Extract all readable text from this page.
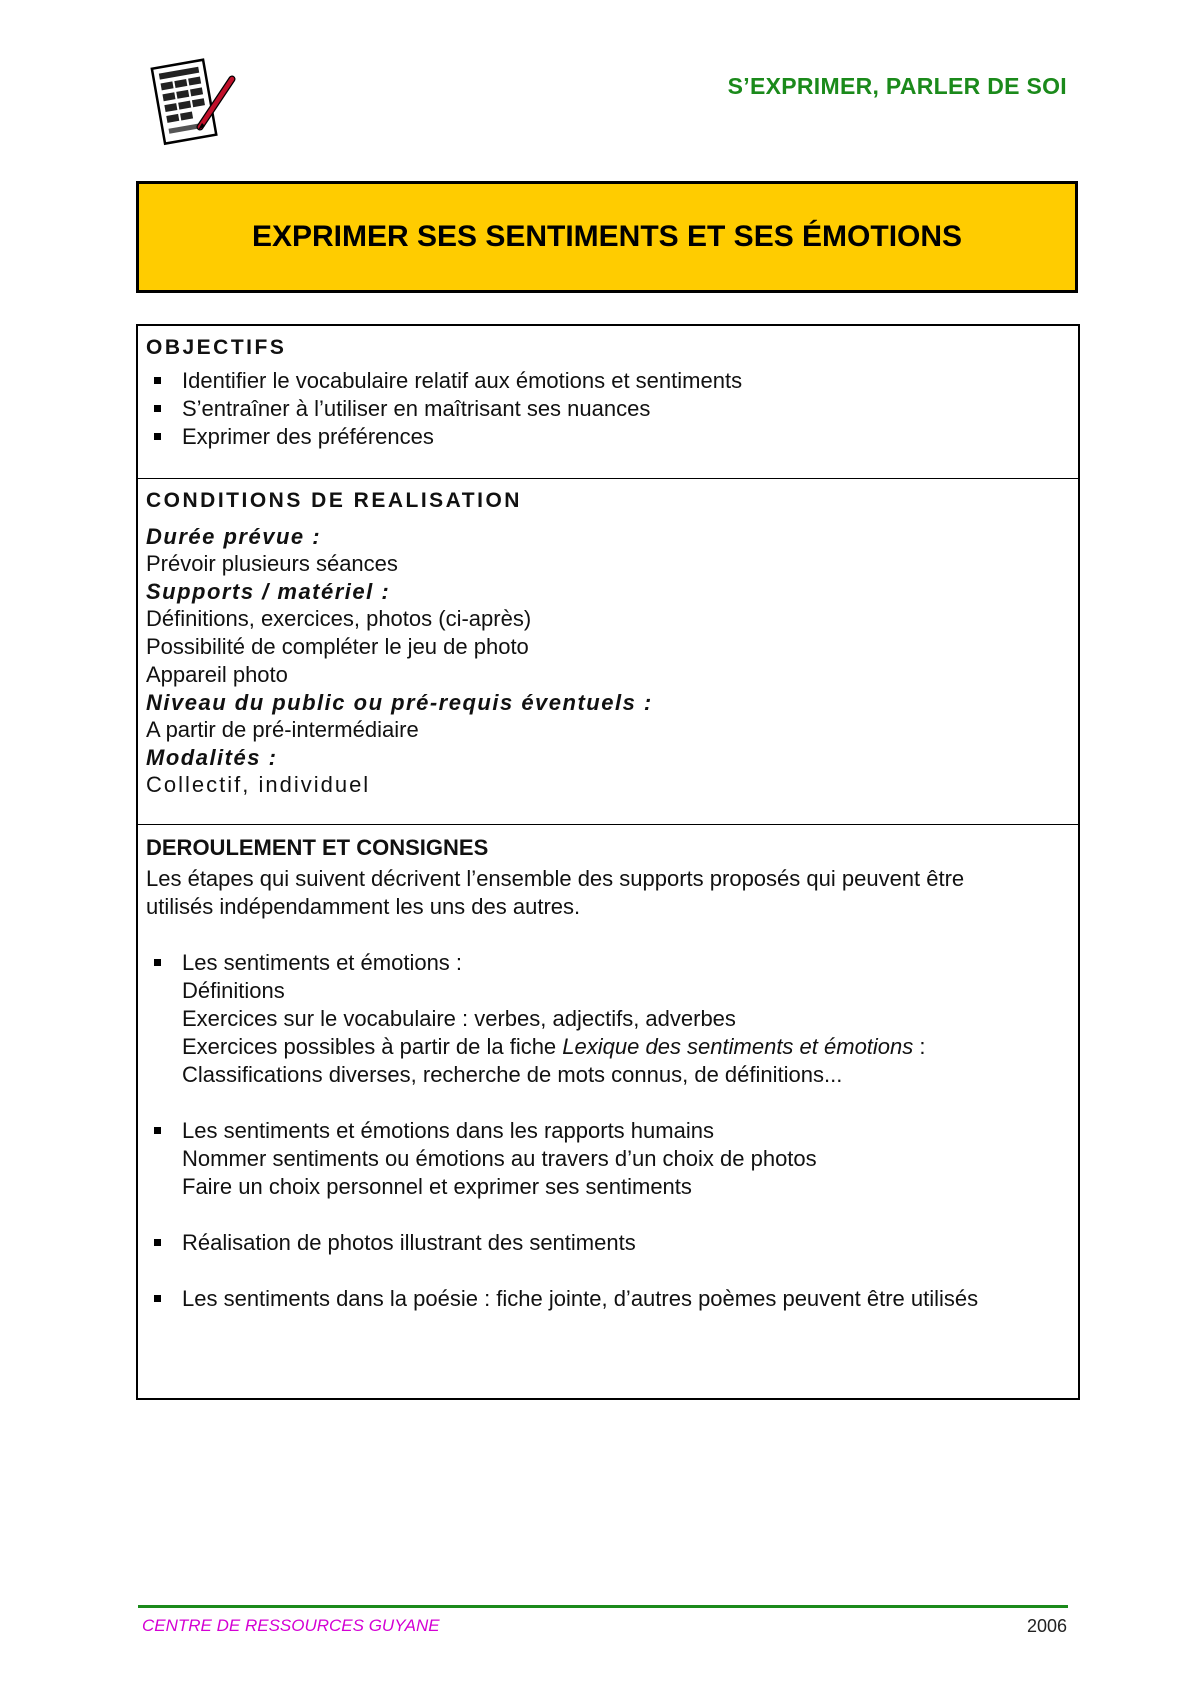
S’EXPRIMER, PARLER DE SOI
EXPRIMER SES SENTIMENTS ET SES ÉMOTIONS
OBJECTIFS
Identifier le vocabulaire relatif aux émotions et sentiments
S’entraîner à l’utiliser en maîtrisant ses nuances
Exprimer des préférences
CONDITIONS DE REALISATION
Durée prévue :
Prévoir plusieurs séances
Supports / matériel :
Définitions, exercices, photos (ci-après)
Possibilité de compléter le jeu de photo
Appareil photo
Niveau du public ou pré-requis éventuels :
A partir de pré-intermédiaire
Modalités :
Collectif, individuel
DEROULEMENT ET CONSIGNES
Les étapes qui suivent décrivent l’ensemble des supports proposés qui peuvent être
utilisés indépendamment les uns des autres.
Les sentiments et émotions :
Définitions
Exercices sur le vocabulaire : verbes, adjectifs, adverbes
Exercices possibles à partir de la fiche Lexique des sentiments et émotions :
Classifications diverses, recherche de mots connus, de définitions...
Les sentiments et émotions dans les rapports humains
Nommer sentiments ou émotions au travers d’un choix de photos
Faire un choix personnel et exprimer ses sentiments
Réalisation de photos illustrant des sentiments
Les sentiments dans la poésie : fiche jointe, d’autres poèmes peuvent être utilisés
CENTRE DE RESSOURCES GUYANE	2006
